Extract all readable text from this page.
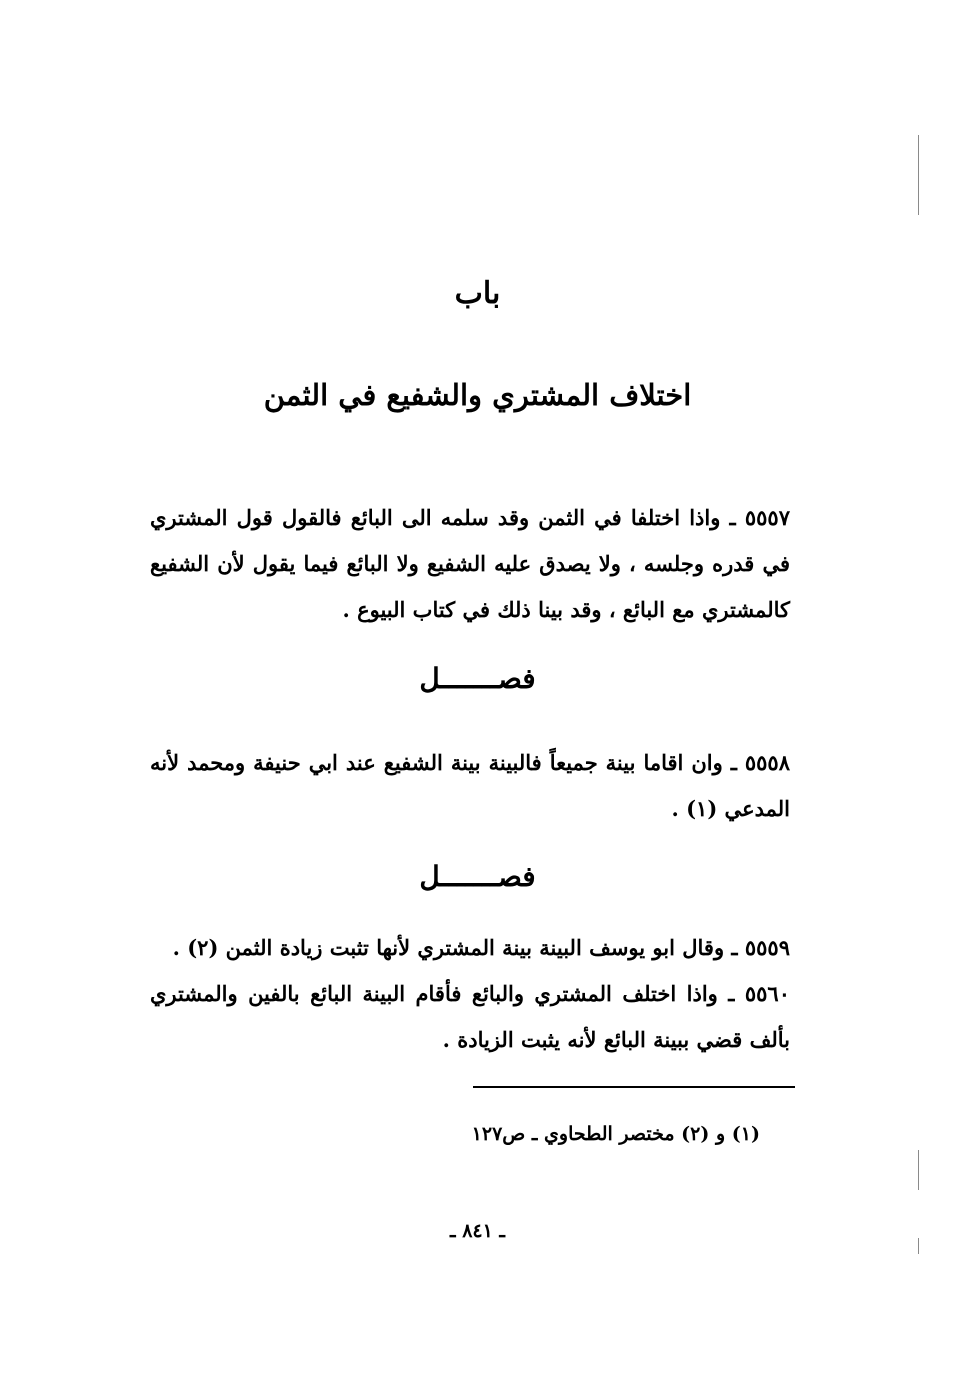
باب
اختلاف المشتري والشفيع في الثمن
٥٥٥٧ ـ واذا اختلفا في الثمن وقد سلمه الى البائع فالقول قول المشتري في قدره وجلسه ، ولا يصدق عليه الشفيع ولا البائع فيما يقول لأن الشفيع كالمشتري مع البائع ، وقد بينا ذلك في كتاب البيوع .
فصـــــــل
٥٥٥٨ ـ وان اقاما بينة جميعاً فالبينة بينة الشفيع عند ابي حنيفة ومحمد لأنه المدعي (١) .
فصـــــــل
٥٥٥٩ ـ وقال ابو يوسف البينة بينة المشتري لأنها تثبت زيادة الثمن (٢) .
٥٥٦٠ ـ واذا اختلف المشتري والبائع فأقام البينة البائع بالفين والمشتري بألف قضي ببينة البائع لأنه يثبت الزيادة .
(١) و (٢) مختصر الطحاوي ـ ص١٢٧
ـ ٨٤١ ـ
